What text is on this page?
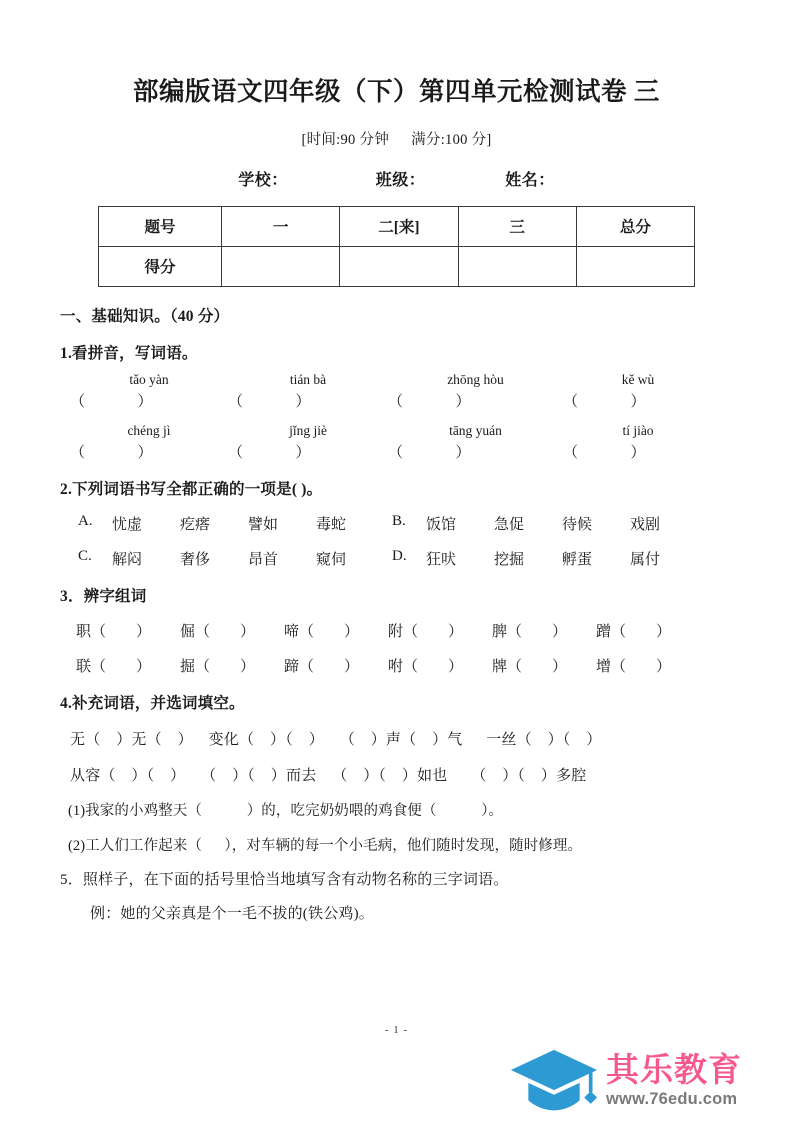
部编版语文四年级（下）第四单元检测试卷 三
[时间:90 分钟 满分:100 分]
学校：	班级：	姓名：
题号	一	二[来]	三	总分
得分				
一、基础知识。（40 分）
1.看拼音，写词语。
tǎo yàn	tián bà	zhōng hòu	kě wù
（              ）	（              ）	（              ）	（              ）
chéng jì	jǐng jiè	tāng yuán	tí jiào
（              ）	（              ）	（              ）	（              ）
2.下列词语书写全都正确的一项是( )。
A.	忧虚	疙瘩	譬如	毒蛇	B.	饭馆	急促	待候	戏剧
C.	解闷	奢侈	昂首	窥伺	D.	狂吠	挖掘	孵蛋	属付
3．辨字组词
职（        ）	倔（        ）	啼（        ）	附（        ）	脾（        ）	蹭（        ）
联（        ）	掘（        ）	蹄（        ）	咐（        ）	牌（        ）	增（        ）
4.补充词语，并选词填空。
无（    ）无（    ）    变化（    ）（    ）    （    ）声（    ）气      一丝（    ）（    ）
从容（    ）（    ）    （    ）（    ）而去    （    ）（    ）如也      （    ）（    ）多腔
(1)我家的小鸡整天（            ）的，吃完奶奶喂的鸡食便（            ）。
(2)工人们工作起来（      ），对车辆的每一个小毛病，他们随时发现，随时修理。
5．照样子，在下面的括号里恰当地填写含有动物名称的三字词语。
例：她的父亲真是个一毛不拔的(铁公鸡)。
- 1 -
其乐教育
www.76edu.com
